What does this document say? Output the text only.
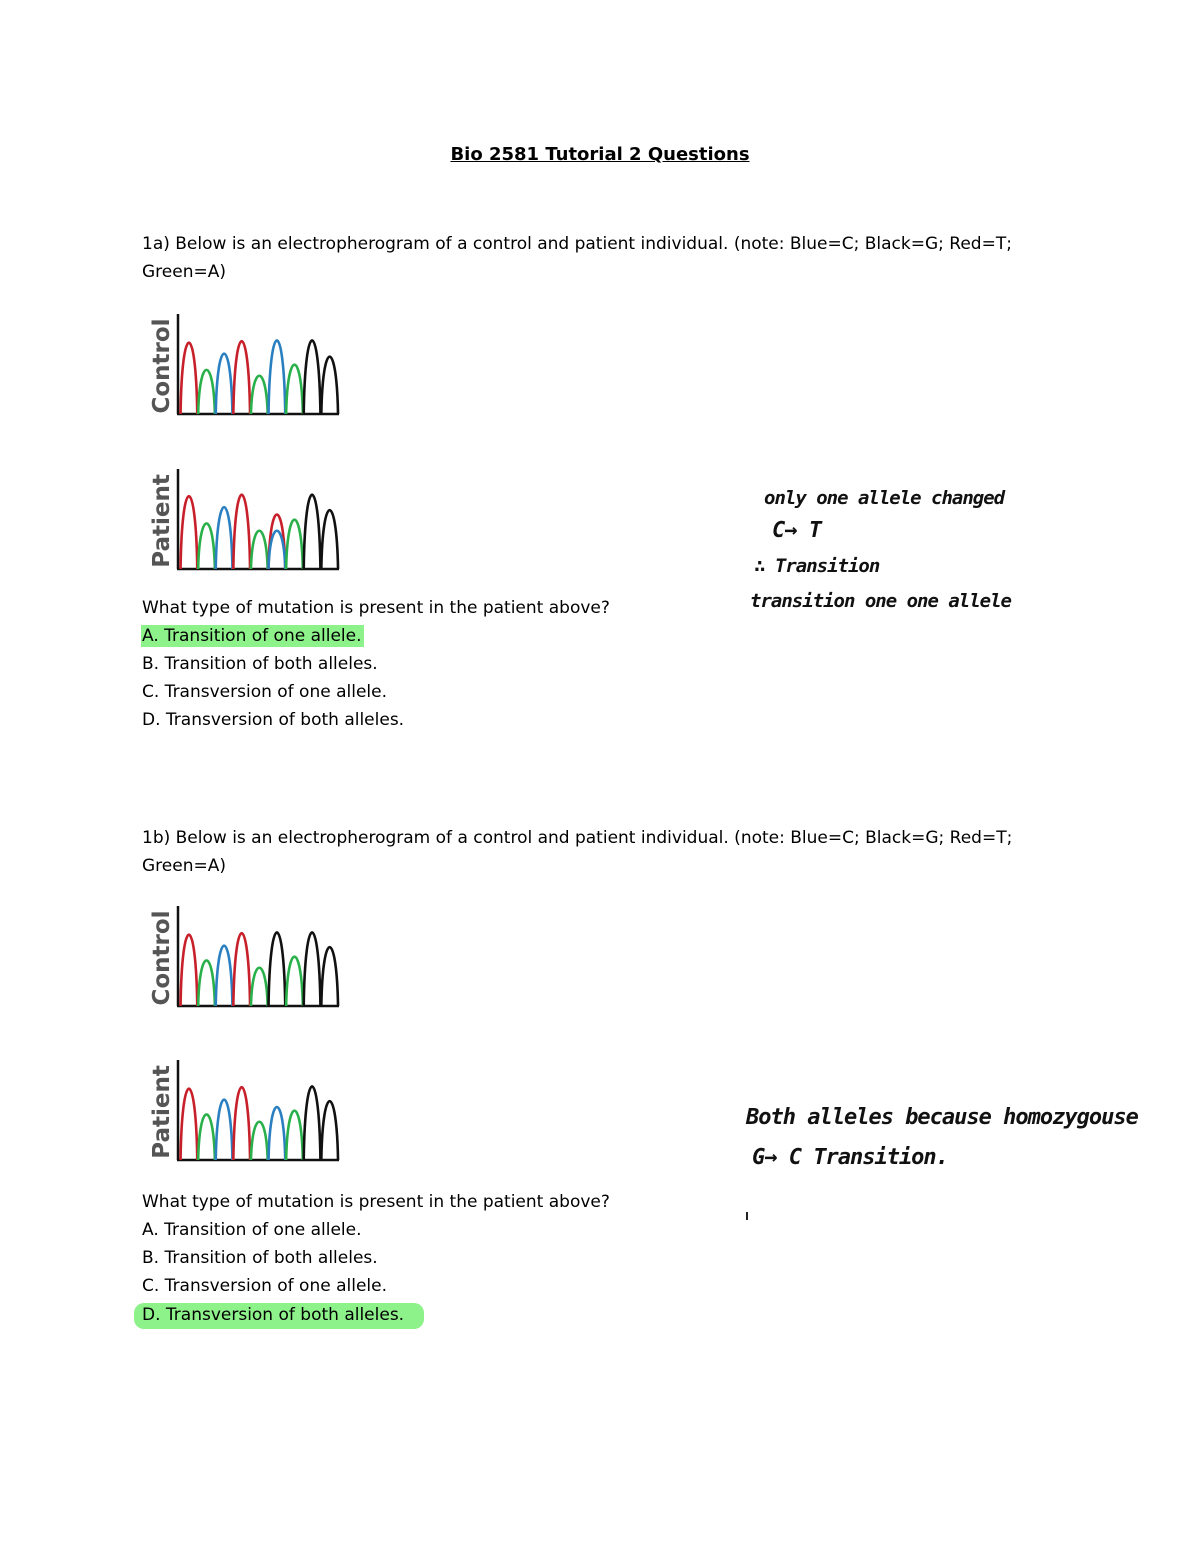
Bio 2581 Tutorial 2 Questions
1a) Below is an electropherogram of a control and patient individual. (note: Blue=C; Black=G; Red=T;
Green=A)
Control
Patient
What type of mutation is present in the patient above?
A. Transition of one allele.
B. Transition of both alleles.
C. Transversion of one allele.
D. Transversion of both alleles.
only one allele changed
C→ T
∴ Transition
transition one one allele
1b) Below is an electropherogram of a control and patient individual. (note: Blue=C; Black=G; Red=T;
Green=A)
Control
Patient
What type of mutation is present in the patient above?
A. Transition of one allele.
B. Transition of both alleles.
C. Transversion of one allele.
D. Transversion of both alleles.
Both alleles because homozygouse
G→ C Transition.
